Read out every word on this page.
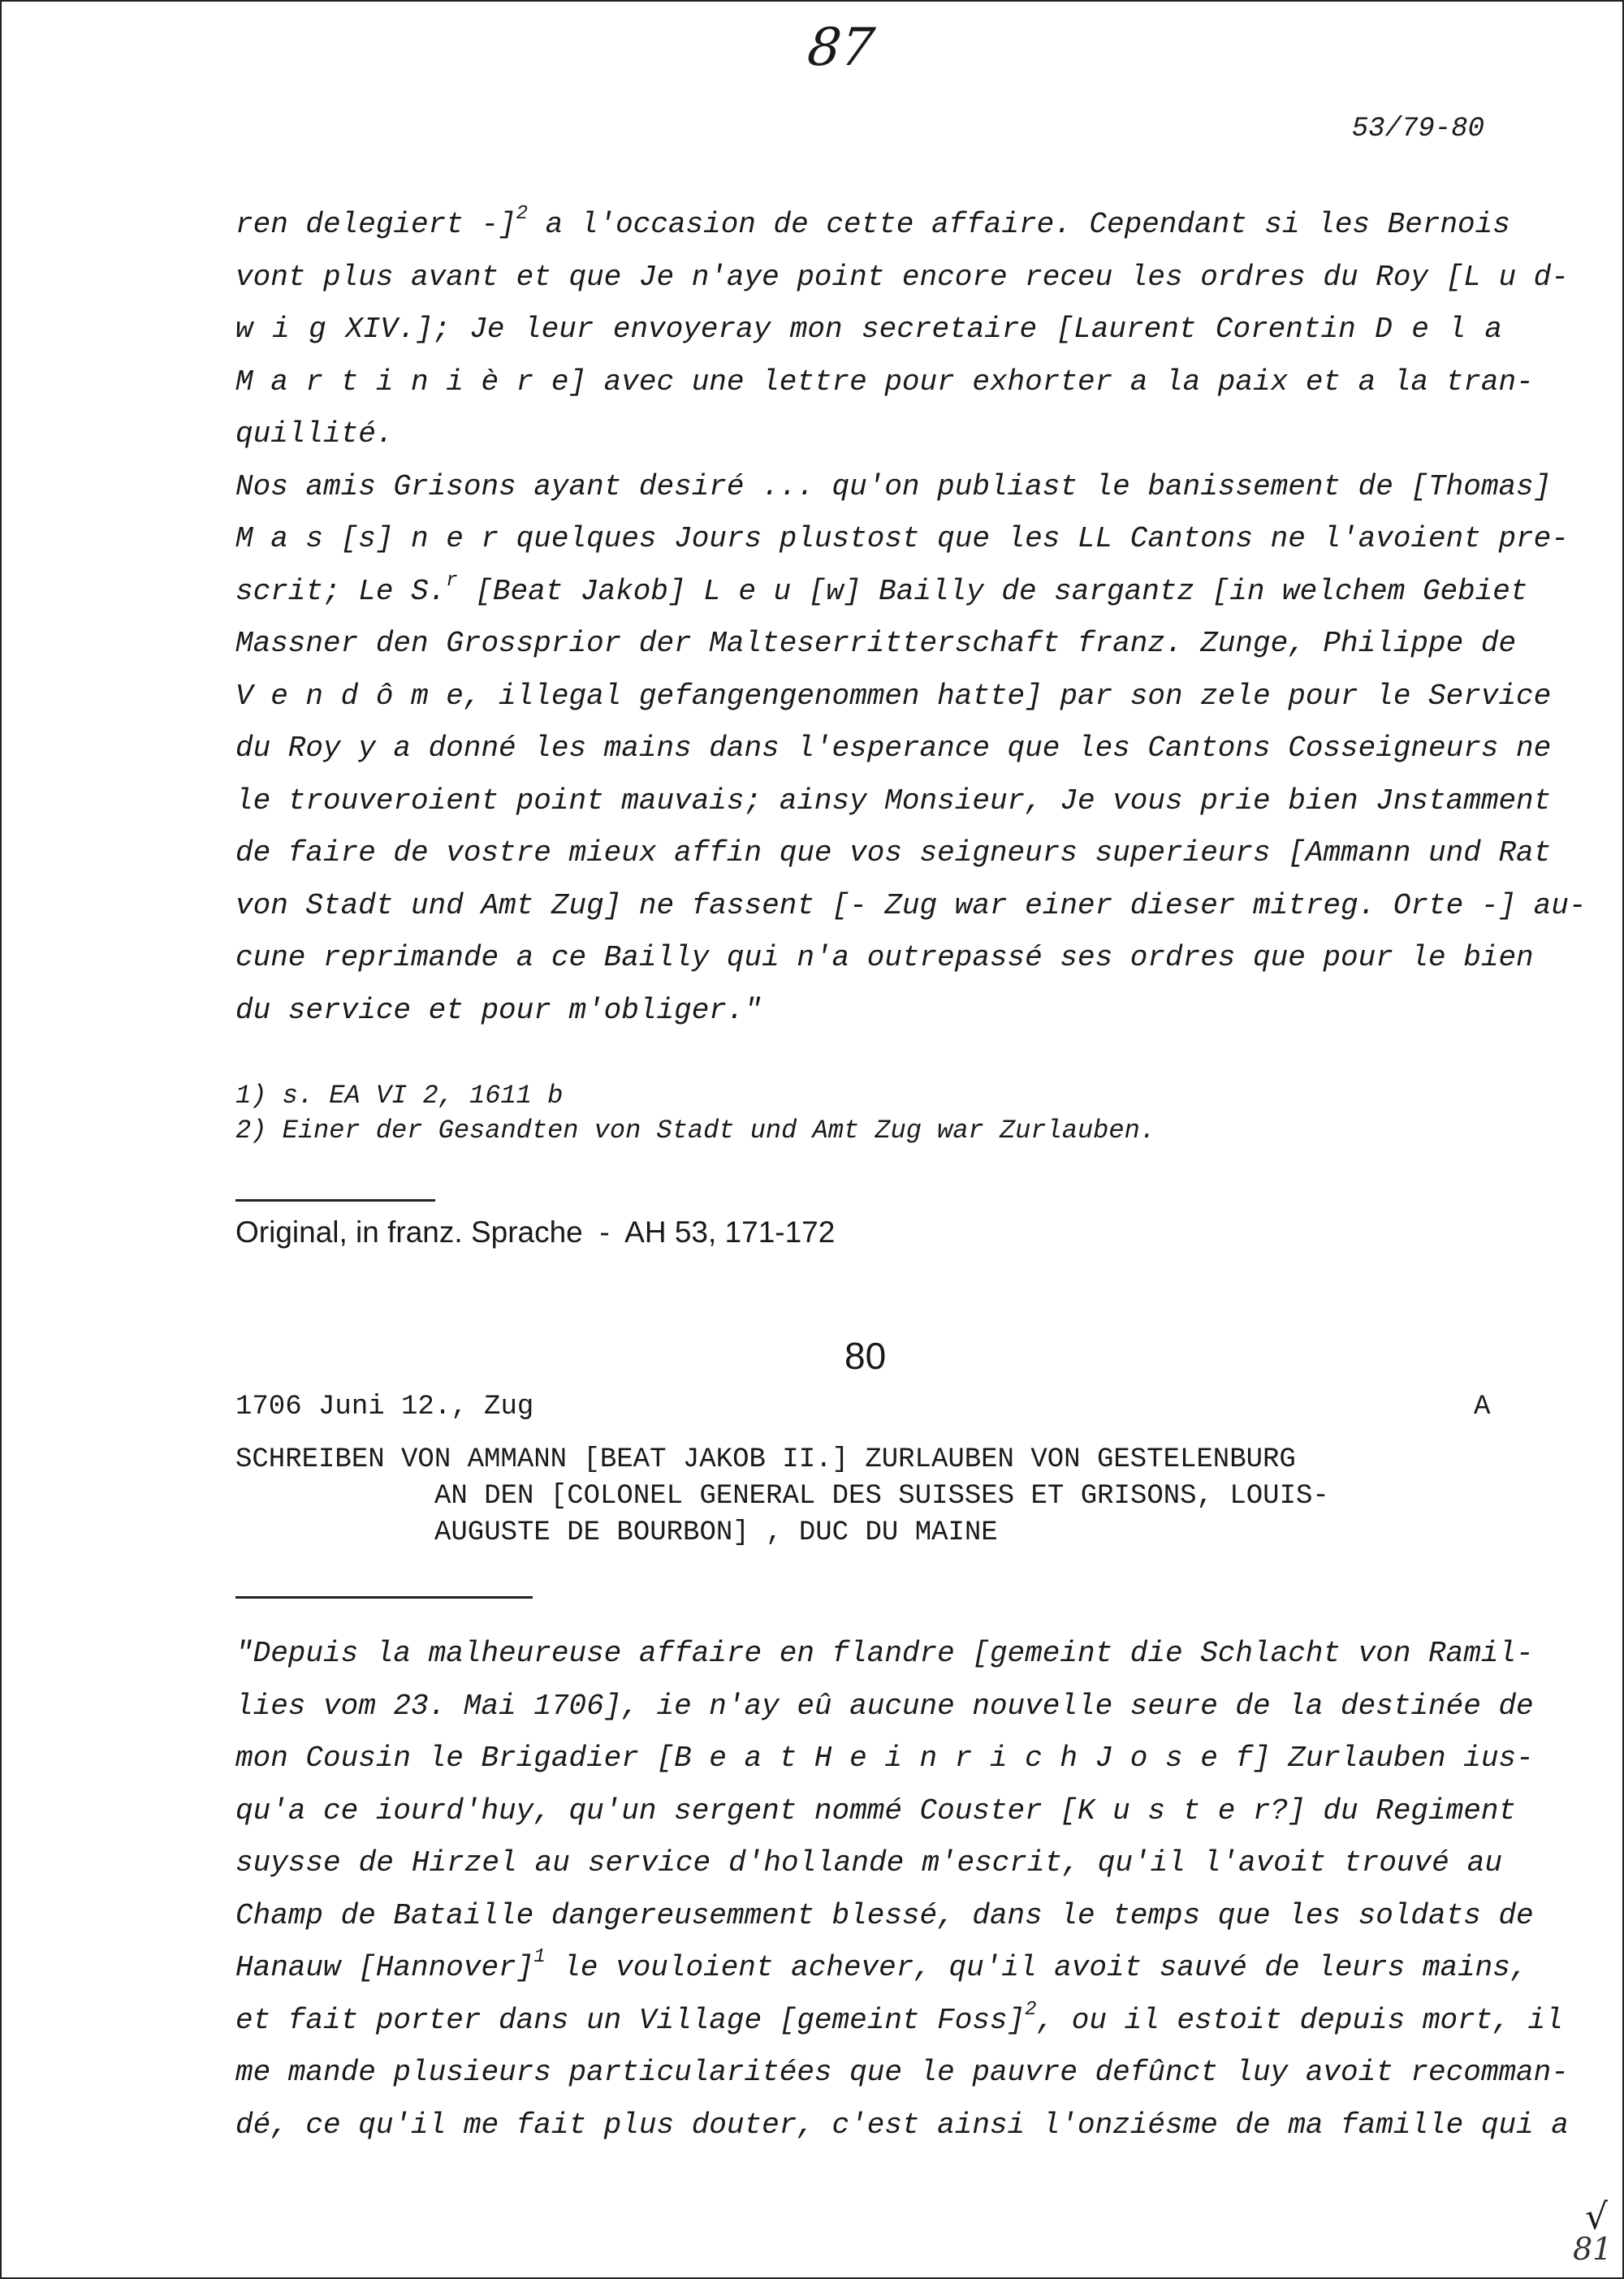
87
53/79-80
ren delegiert -]$^2$ a l'occasion de cette affaire. Cependant si les Bernois
vont plus avant et que Je n'aye point encore receu les ordres du Roy [L u d-
w i g XIV.]; Je leur envoyeray mon secretaire [Laurent Corentin D e l a
M a r t i n i è r e] avec une lettre pour exhorter a la paix et a la tran-
quillité.
Nos amis Grisons ayant desiré ... qu'on publiast le banissement de [Thomas]
M a s [s] n e r quelques Jours plustost que les LL Cantons ne l'avoient pre-
scrit; Le S.$^r$ [Beat Jakob] L e u [w] Bailly de sargantz [in welchem Gebiet
Massner den Grossprior der Malteserritterschaft franz. Zunge, Philippe de
V e n d ô m e, illegal gefangengenommen hatte] par son zele pour le Service
du Roy y a donné les mains dans l'esperance que les Cantons Cosseigneurs ne
le trouveroient point mauvais; ainsy Monsieur, Je vous prie bien Jnstamment
de faire de vostre mieux affin que vos seigneurs superieurs [Ammann und Rat
von Stadt und Amt Zug] ne fassent [- Zug war einer dieser mitreg. Orte -] au-
cune reprimande a ce Bailly qui n'a outrepassé ses ordres que pour le bien
du service et pour m'obliger."
1) s. EA VI 2, 1611 b
2) Einer der Gesandten von Stadt und Amt Zug war Zurlauben.
Original, in franz. Sprache  -  AH 53, 171-172
80
1706 Juni 12., Zug	A
SCHREIBEN VON AMMANN [BEAT JAKOB II.] ZURLAUBEN VON GESTELENBURG
AN DEN [COLONEL GENERAL DES SUISSES ET GRISONS, LOUIS-
AUGUSTE DE BOURBON] , DUC DU MAINE
"Depuis la malheureuse affaire en flandre [gemeint die Schlacht von Ramil-
lies vom 23. Mai 1706], ie n'ay eû aucune nouvelle seure de la destinée de
mon Cousin le Brigadier [B e a t H e i n r i c h J o s e f] Zurlauben ius-
qu'a ce iourd'huy, qu'un sergent nommé Couster [K u s t e r?] du Regiment
suysse de Hirzel au service d'hollande m'escrit, qu'il l'avoit trouvé au
Champ de Bataille dangereusemment blessé, dans le temps que les soldats de
Hanauw [Hannover]$^1$ le vouloient achever, qu'il avoit sauvé de leurs mains,
et fait porter dans un Village [gemeint Foss]$^2$, ou il estoit depuis mort, il
me mande plusieurs particularitées que le pauvre defûnct luy avoit recomman-
dé, ce qu'il me fait plus douter, c'est ainsi l'onziésme de ma famille qui a
√
81
